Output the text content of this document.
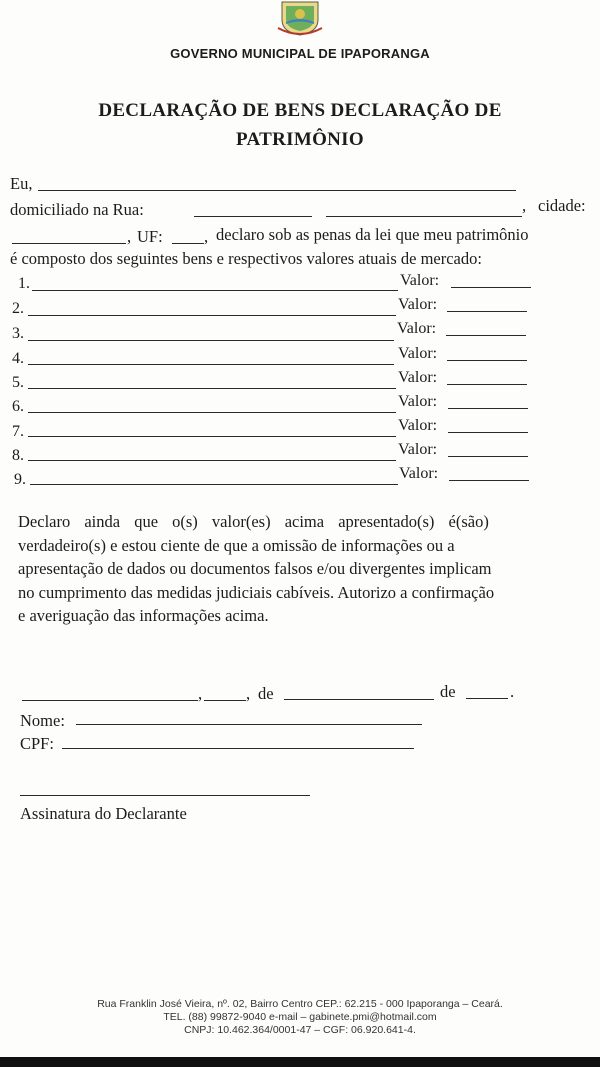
GOVERNO MUNICIPAL DE IPAPORANGA
DECLARAÇÃO DE BENS DECLARAÇÃO DE
PATRIMÔNIO
Eu,
domiciliado na Rua:	, cidade:
, UF:	, declaro sob as penas da lei que meu patrimônio
é composto dos seguintes bens e respectivos valores atuais de mercado:
1.	Valor:
2.	Valor:
3.	Valor:
4.	Valor:
5.	Valor:
6.	Valor:
7.	Valor:
8.	Valor:
9.	Valor:
Declaro ainda que o(s) valor(es) acima apresentado(s) é(são)
verdadeiro(s) e estou ciente de que a omissão de informações ou a
apresentação de dados ou documentos falsos e/ou divergentes implicam
no cumprimento das medidas judiciais cabíveis. Autorizo a confirmação
e averiguação das informações acima.
,	, de	de	.
Nome:
CPF:
Assinatura do Declarante
Rua Franklin José Vieira, nº. 02, Bairro Centro CEP.: 62.215 - 000 Ipaporanga – Ceará.
TEL. (88) 99872-9040 e-mail – gabinete.pmi@hotmail.com
CNPJ: 10.462.364/0001-47 – CGF: 06.920.641-4.
